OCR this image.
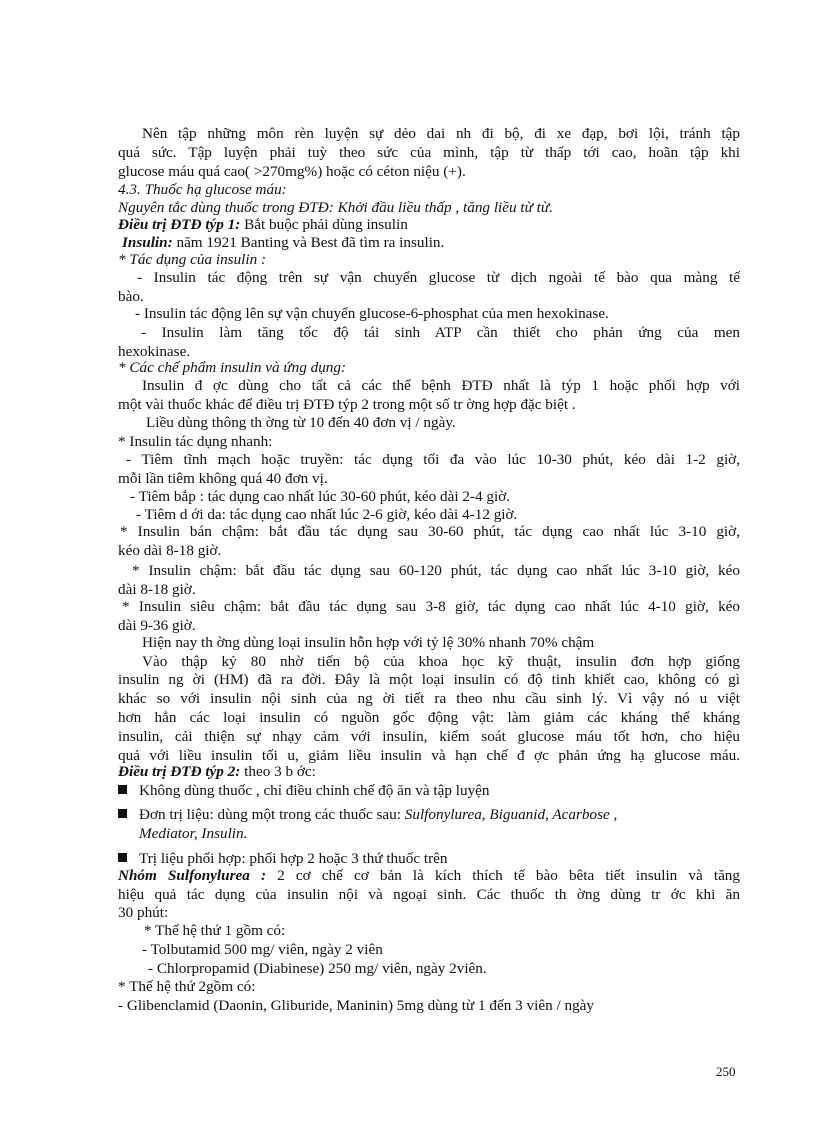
Nên tập những môn rèn luyện sự dẻo dai nh đi bộ, đi xe đạp, bơi lội, tránh tập
quá sức. Tập luyện phải tuỳ theo sức của mình, tập từ thấp tới cao, hoãn tập khi
glucose máu quá cao( >270mg%) hoặc có céton niệu (+).
4.3. Thuốc hạ glucose máu:
Nguyên tắc dùng thuốc trong ĐTĐ: Khởi đầu liều thấp , tăng liều từ từ.
Điều trị ĐTĐ týp 1: Bắt buộc phải dùng insulin
Insulin: năm 1921 Banting và Best đã tìm ra insulin.
* Tác dụng của insulin :
- Insulin tác động trên sự vận chuyển glucose từ dịch ngoài tế bào qua màng tế
bào.
- Insulin tác động lên sự vận chuyển glucose-6-phosphat của men hexokinase.
- Insulin làm tăng tốc độ tái sinh ATP cần thiết cho phản ứng của men
hexokinase.
* Các chế phẩm insulin và ứng dụng:
Insulin đ ợc dùng cho tất cả các thể bệnh ĐTĐ nhất là týp 1 hoặc phối hợp với
một vài thuốc khác để điều trị ĐTĐ týp 2 trong một số tr ờng hợp đặc biệt .
Liều dùng thông th ờng từ 10 đến 40 đơn vị / ngày.
* Insulin tác dụng nhanh:
- Tiêm tĩnh mạch hoặc truyền: tác dụng tối đa vào lúc 10-30 phút, kéo dài 1-2 giờ,
mỗi lần tiêm không quá 40 đơn vị.
- Tiêm bắp : tác dụng cao nhất lúc 30-60 phút, kéo dài 2-4 giờ.
- Tiêm d ới da: tác dụng cao nhất lúc 2-6 giờ, kéo dài 4-12 giờ.
* Insulin bán chậm: bắt đầu tác dụng sau 30-60 phút, tác dụng cao nhất lúc 3-10 giờ,
kéo dài 8-18 giờ.
* Insulin chậm: bắt đầu tác dụng sau 60-120 phút, tác dụng cao nhất lúc 3-10 giờ, kéo
dài 8-18 giờ.
* Insulin siêu chậm: bắt đầu tác dụng sau 3-8 giờ, tác dụng cao nhất lúc 4-10 giờ, kéo
dài 9-36 giờ.
Hiện nay th ờng dùng loại insulin hỗn hợp với tỷ lệ 30% nhanh 70% chậm
Vào thập kỷ 80 nhờ tiến bộ của khoa học kỹ thuật, insulin đơn hợp giống
insulin ng ời (HM) đã ra đời. Đây là một loại insulin có độ tinh khiết cao, không có gì
khác so với insulin nội sinh của ng ời tiết ra theo nhu cầu sinh lý. Vì vậy nó u việt
hơn hẳn các loại insulin có nguồn gốc động vật: làm giảm các kháng thể kháng
insulin, cải thiện sự nhạy cảm với insulin, kiểm soát glucose máu tốt hơn, cho hiệu
quả với liều insulin tối u, giảm liều insulin và hạn chế đ ợc phản ứng hạ glucose máu.
Điều trị ĐTĐ týp 2: theo 3 b ớc:
Không dùng thuốc , chỉ điều chỉnh chế độ ăn và tập luyện
Đơn trị liệu: dùng một trong các thuốc sau: Sulfonylurea, Biguanid, Acarbose ,
Mediator, Insulin.
Trị liệu phối hợp: phối hợp 2 hoặc 3 thứ thuốc trên
Nhóm Sulfonylurea : 2 cơ chế cơ bản là kích thích tế bào bêta tiết insulin và tăng
hiệu quả tác dụng của insulin nội và ngoại sinh. Các thuốc th ờng dùng tr ớc khi ăn
30 phút:
* Thế hệ thứ 1 gồm có:
- Tolbutamid 500 mg/ viên, ngày 2 viên
- Chlorpropamid (Diabinese) 250 mg/ viên, ngày 2viên.
* Thế hệ thứ 2gồm có:
- Glibenclamid (Daonin, Gliburide, Maninin) 5mg dùng từ 1 đến 3 viên / ngày
250
